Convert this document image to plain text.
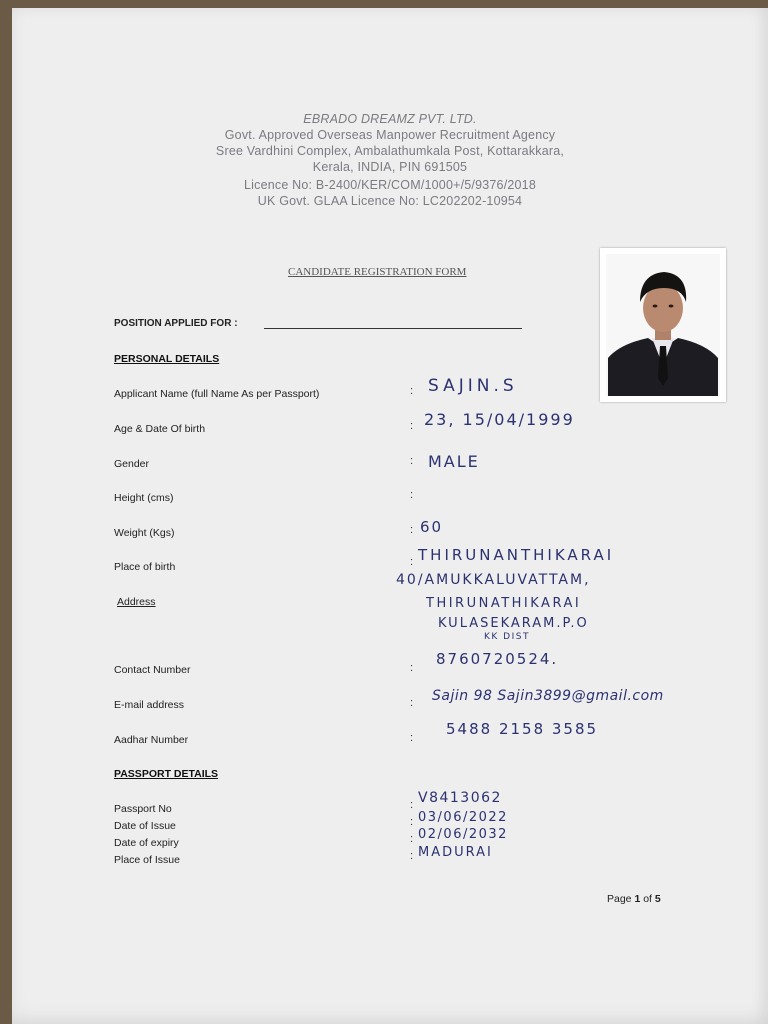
EBRADO DREAMZ PVT. LTD.
Govt. Approved Overseas Manpower Recruitment Agency
Sree Vardhini Complex, Ambalathumkala Post, Kottarakkara,
Kerala, INDIA, PIN 691505
Licence No: B-2400/KER/COM/1000+/5/9376/2018
UK Govt. GLAA Licence No: LC202202-10954
CANDIDATE REGISTRATION FORM
POSITION APPLIED FOR :
PERSONAL DETAILS
Applicant Name (full Name As per Passport)	: SAJIN.S
Age & Date Of birth	: 23, 15/04/1999
Gender	: MALE
Height (cms)	:
Weight (Kgs)	: 60
Place of birth	: THIRUNANTHIKARAI
Address
40/AMUKKALUVATTAM,
THIRUNATHIKARAI
KULASEKARAM.P.O
KK DIST
Contact Number	: 8760720524.
E-mail address	: Sajin 98 Sajin3899@gmail.com
Aadhar Number	: 5488 2158 3585
PASSPORT DETAILS
Passport No	: V8413062
Date of Issue	: 03/06/2022
Date of expiry	: 02/06/2032
Place of Issue	: MADURAI
Page 1 of 5
